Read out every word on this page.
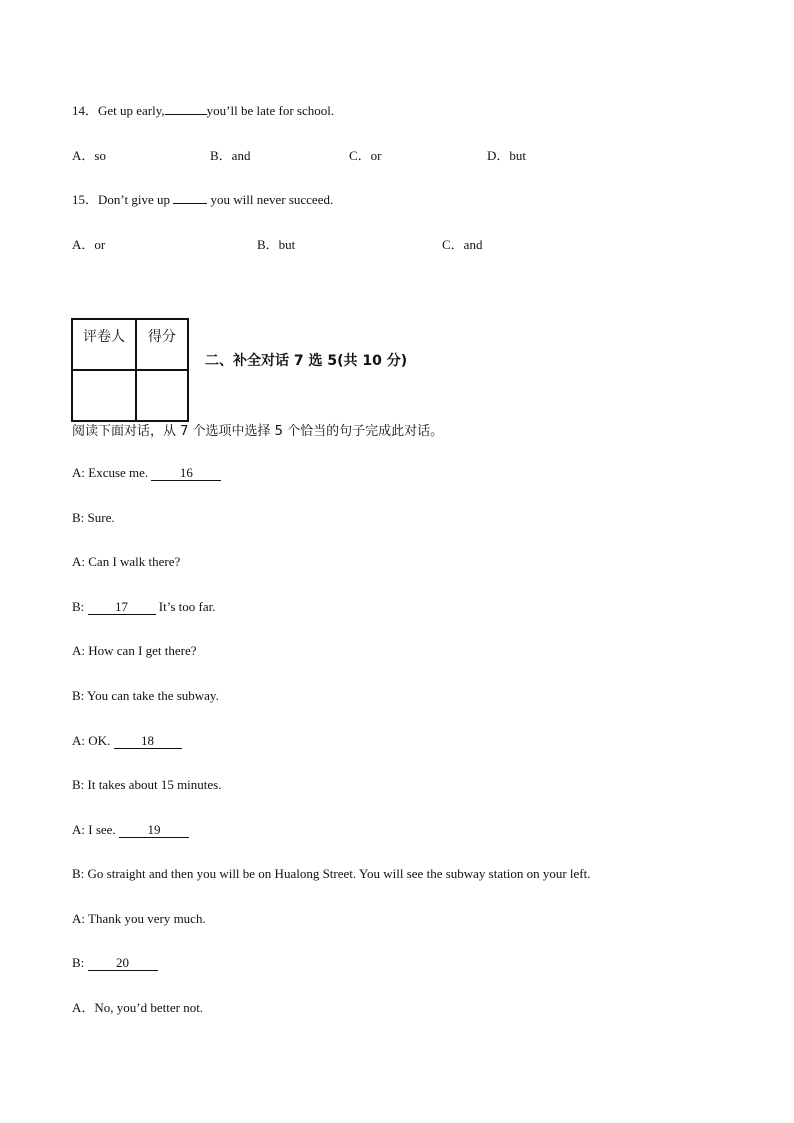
14．Get up early,	you’ll be late for school.
A．so	B．and	C．or	D．but
15．Don’t give up	you will never succeed.
A．or	B．but	C．and
评卷人	得分

二、补全对话 7 选 5(共 10 分)
阅读下面对话，从 7 个选项中选择 5 个恰当的句子完成此对话。
A: Excuse me. 16
B: Sure.
A: Can I walk there?
B: 17 It’s too far.
A: How can I get there?
B: You can take the subway.
A: OK. 18
B: It takes about 15 minutes.
A: I see. 19
B: Go straight and then you will be on Hualong Street. You will see the subway station on your left.
A: Thank you very much.
B: 20
A．No, you’d better not.
